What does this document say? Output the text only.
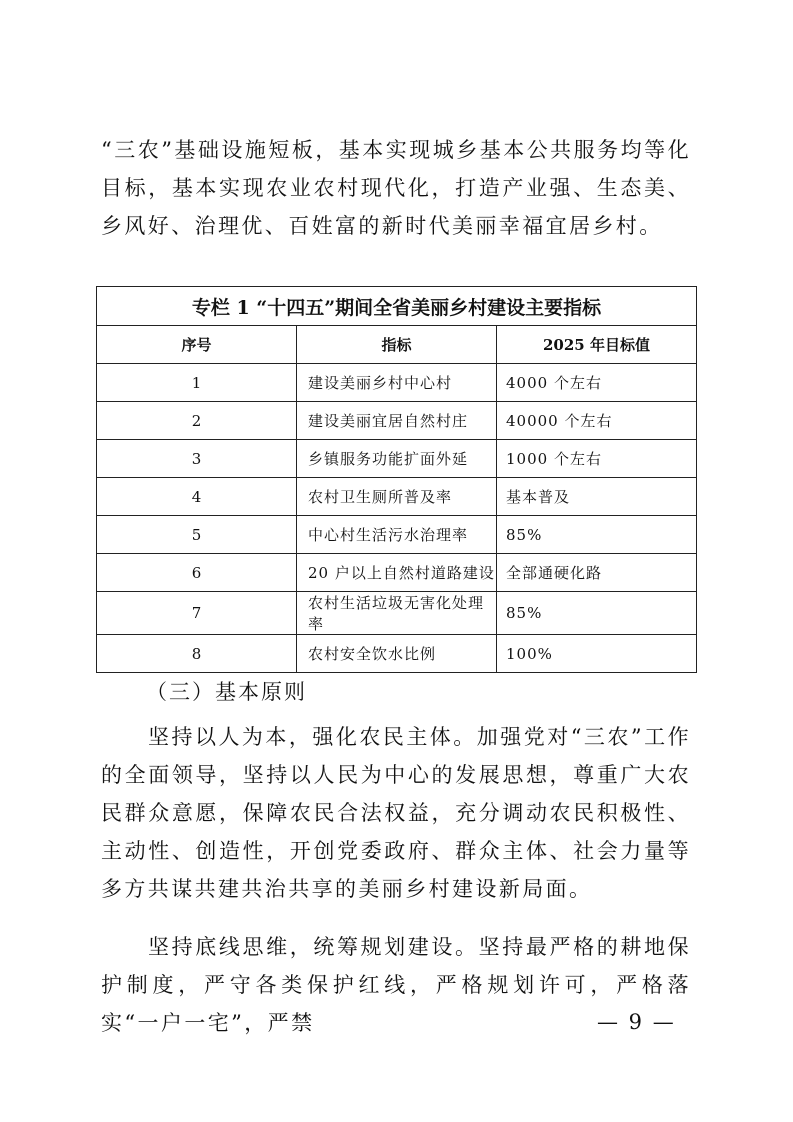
“三农”基础设施短板，基本实现城乡基本公共服务均等化目标，基本实现农业农村现代化，打造产业强、生态美、乡风好、治理优、百姓富的新时代美丽幸福宜居乡村。
专栏 1 “十四五”期间全省美丽乡村建设主要指标		
序号	指标	2025 年目标值
1	建设美丽乡村中心村	4000 个左右
2	建设美丽宜居自然村庄	40000 个左右
3	乡镇服务功能扩面外延	1000 个左右
4	农村卫生厕所普及率	基本普及
5	中心村生活污水治理率	85%
6	20 户以上自然村道路建设	全部通硬化路
7	农村生活垃圾无害化处理率	85%
8	农村安全饮水比例	100%
（三）基本原则
坚持以人为本，强化农民主体。加强党对“三农”工作的全面领导，坚持以人民为中心的发展思想，尊重广大农民群众意愿，保障农民合法权益，充分调动农民积极性、主动性、创造性，开创党委政府、群众主体、社会力量等多方共谋共建共治共享的美丽乡村建设新局面。
坚持底线思维，统筹规划建设。坚持最严格的耕地保护制度，严守各类保护红线，严格规划许可，严格落实“一户一宅”，严禁	— 9 —
